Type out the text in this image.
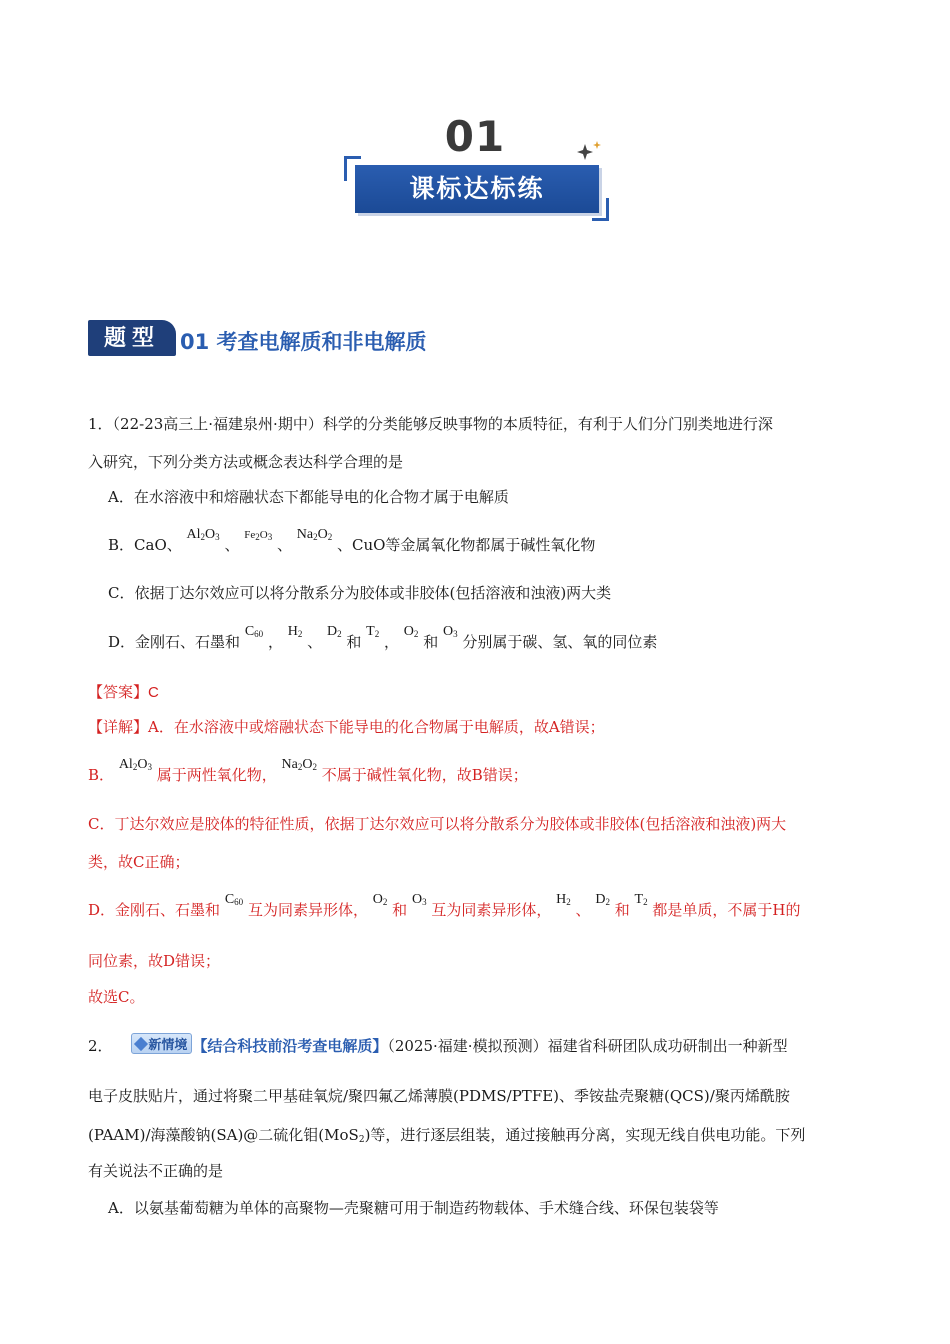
01
课标达标练
题型 01 考查电解质和非电解质
1．（22-23高三上·福建泉州·期中）科学的分类能够反映事物的本质特征，有利于人们分门别类地进行深
入研究，下列分类方法或概念表达科学合理的是
A．在水溶液中和熔融状态下都能导电的化合物才属于电解质
B．CaO、 $Al_2O_3$ 、 $^{Fe_2O_3}$ 、 $Na_2O_2$ 、CuO等金属氧化物都属于碱性氧化物
C．依据丁达尔效应可以将分散系分为胶体或非胶体(包括溶液和浊液)两大类
D．金刚石、石墨和 $C_{60}$ ， $H_2$ 、 $D_2$ 和 $T_2$ ， $O_2$ 和 $O_3$ 分别属于碳、氢、氧的同位素
【答案】C
【详解】A．在水溶液中或熔融状态下能导电的化合物属于电解质，故A错误；
B． $Al_2O_3$ 属于两性氧化物， $Na_2O_2$ 不属于碱性氧化物，故B错误；
C．丁达尔效应是胶体的特征性质，依据丁达尔效应可以将分散系分为胶体或非胶体(包括溶液和浊液)两大
类，故C正确；
D．金刚石、石墨和 $C_{60}$ 互为同素异形体， $O_2$ 和 $O_3$ 互为同素异形体， $H_2$ 、 $D_2$ 和 $T_2$ 都是单质，不属于H的
同位素，故D错误；
故选C。
2．	新情境 【结合科技前沿考查电解质】（2025·福建·模拟预测）福建省科研团队成功研制出一种新型
电子皮肤贴片，通过将聚二甲基硅氧烷/聚四氟乙烯薄膜(PDMS/PTFE)、季铵盐壳聚糖(QCS)/聚丙烯酰胺
(PAAM)/海藻酸钠(SA)@二硫化钼(MoS$_2$)等，进行逐层组装，通过接触再分离，实现无线自供电功能。下列
有关说法不正确的是
A．以氨基葡萄糖为单体的高聚物—壳聚糖可用于制造药物载体、手术缝合线、环保包装袋等
